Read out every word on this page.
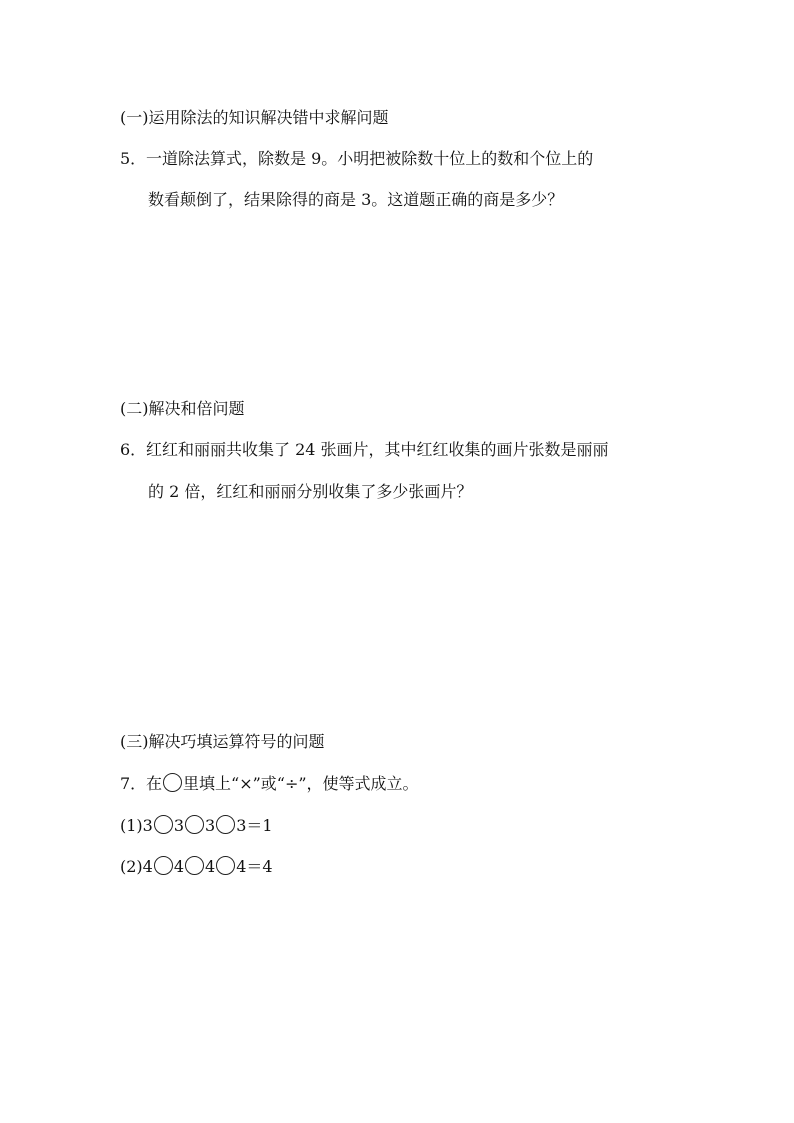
(一)运用除法的知识解决错中求解问题
5．一道除法算式，除数是 9。小明把被除数十位上的数和个位上的
数看颠倒了，结果除得的商是 3。这道题正确的商是多少？
(二)解决和倍问题
6．红红和丽丽共收集了 24 张画片，其中红红收集的画片张数是丽丽
的 2 倍，红红和丽丽分别收集了多少张画片？
(三)解决巧填运算符号的问题
7．在 里填上“×”或“÷”，使等式成立。
(1)3 3 3 3＝1
(2)4 4 4 4＝4
